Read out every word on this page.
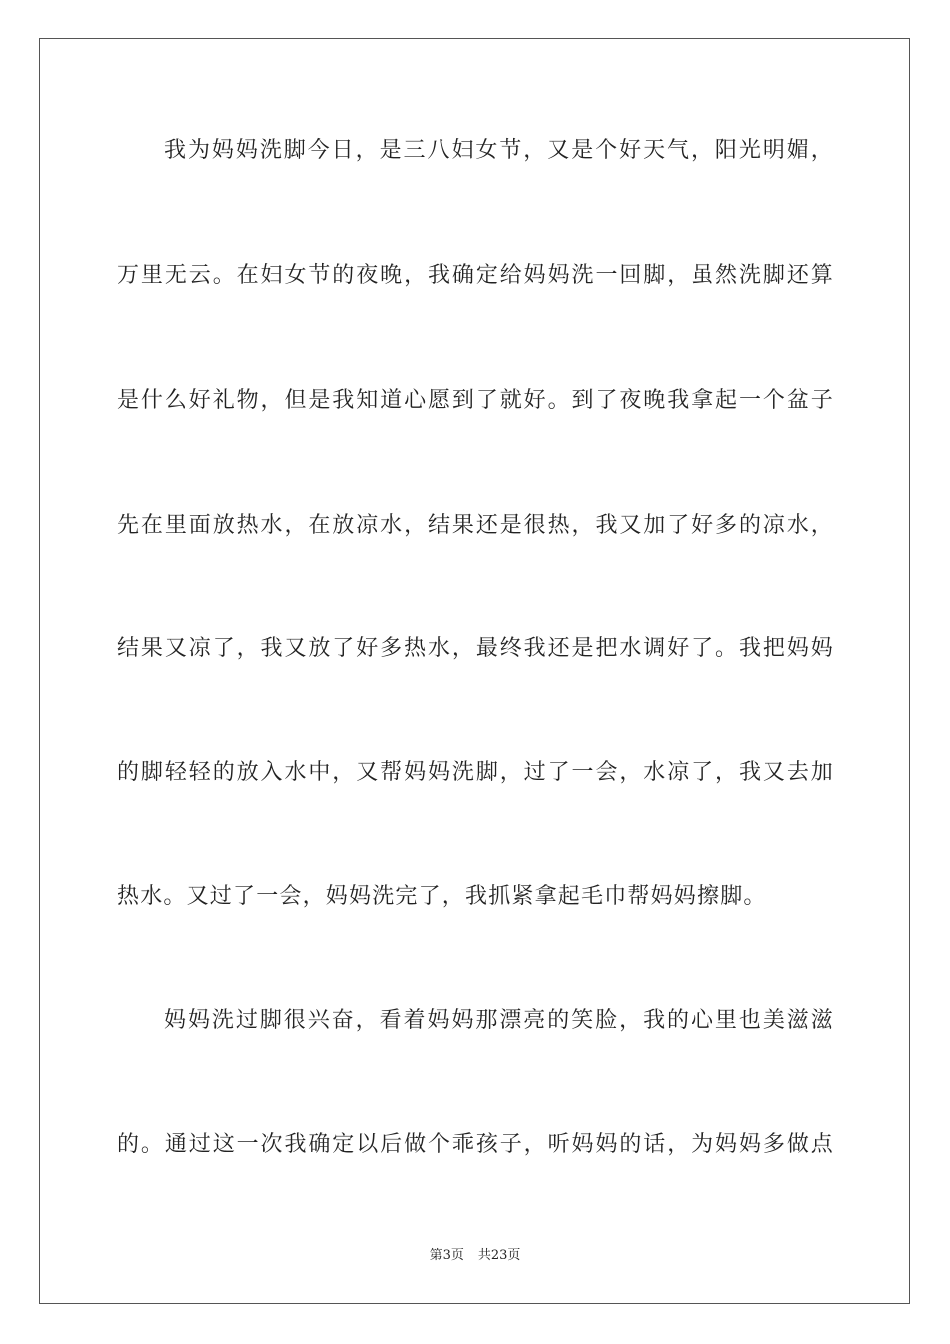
我 为 妈 妈 洗 脚 今 日 ， 是 三 八 妇 女 节 ， 又 是 个 好 天 气 ， 阳 光 明 媚 ，
万 里 无 云 。 在 妇 女 节 的 夜 晚 ， 我 确 定 给 妈 妈 洗 一 回 脚 ， 虽 然 洗 脚 还 算
是 什 么 好 礼 物 ， 但 是 我 知 道 心 愿 到 了 就 好 。 到 了 夜 晚 我 拿 起 一 个 盆 子
先 在 里 面 放 热 水 ， 在 放 凉 水 ， 结 果 还 是 很 热 ， 我 又 加 了 好 多 的 凉 水 ，
结 果 又 凉 了 ， 我 又 放 了 好 多 热 水 ， 最 终 我 还 是 把 水 调 好 了 。 我 把 妈 妈
的 脚 轻 轻 的 放 入 水 中 ， 又 帮 妈 妈 洗 脚 ， 过 了 一 会 ， 水 凉 了 ， 我 又 去 加
热水。又过了一会，妈妈洗完了，我抓紧拿起毛巾帮妈妈擦脚。
妈 妈 洗 过 脚 很 兴 奋 ， 看 着 妈 妈 那 漂 亮 的 笑 脸 ， 我 的 心 里 也 美 滋 滋
的 。 通 过 这 一 次 我 确 定 以 后 做 个 乖 孩 子 ， 听 妈 妈 的 话 ， 为 妈 妈 多 做 点
第3页 共23页
